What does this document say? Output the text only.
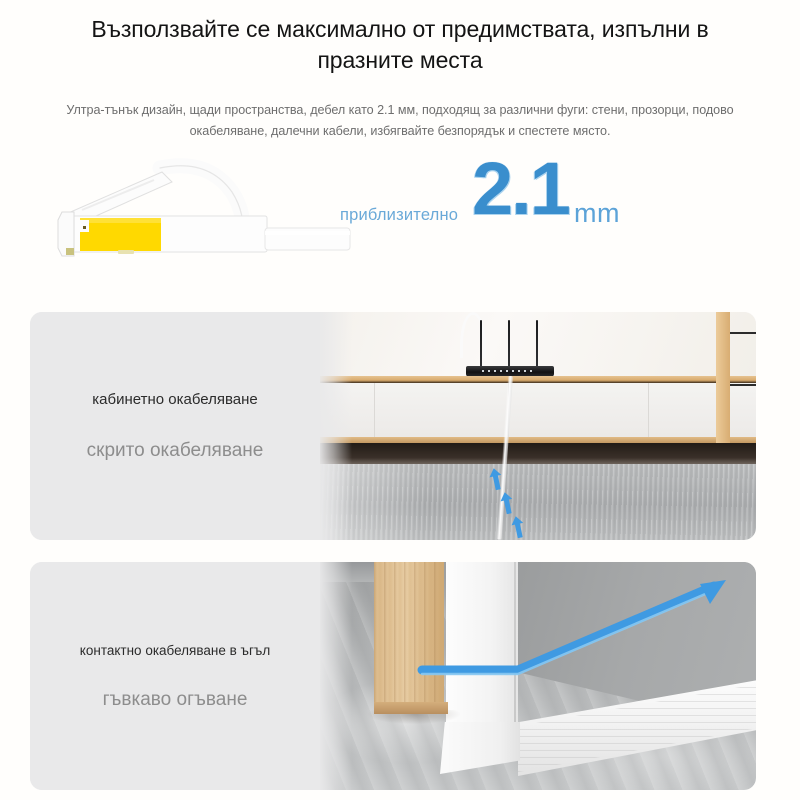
Възползвайте се максимално от предимствата, изпълни в празните места

Ултра-тънък дизайн, щади пространства, дебел като 2.1 мм, подходящ за различни фуги: стени, прозорци, подово окабеляване, далечни кабели, избягвайте безпорядък и спестете място.

приблизително 2.1 mm
кабинетно окабеляване
скрито окабеляване
контактно окабеляване в ъгъл
гъвкаво огъване
